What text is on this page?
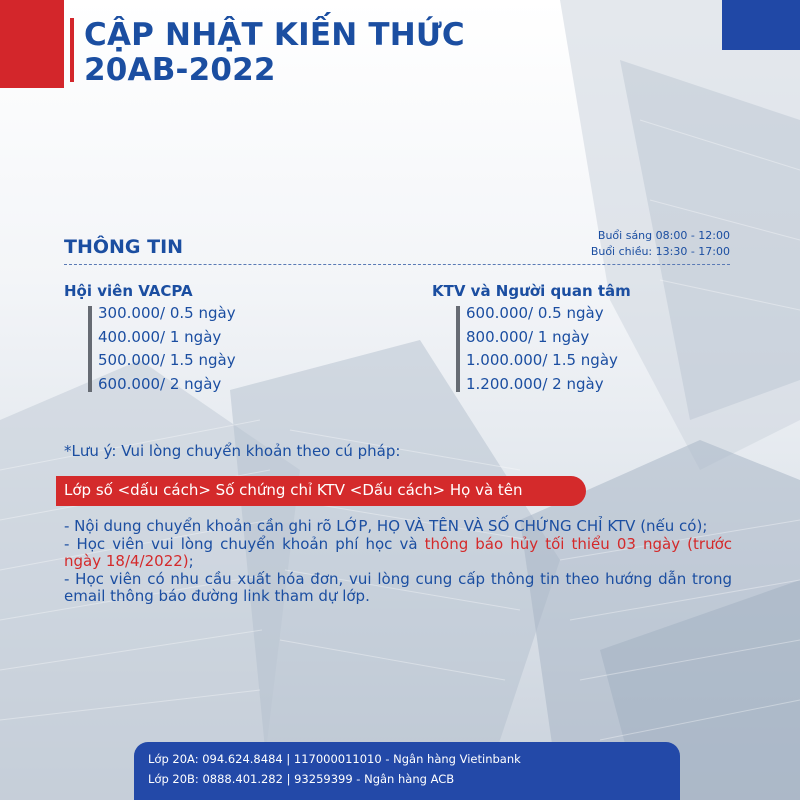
CẬP NHẬT KIẾN THỨC
20AB-2022
THÔNG TIN
Buổi sáng 08:00 - 12:00
Buổi chiều: 13:30 - 17:00
Hội viên VACPA
300.000/ 0.5 ngày
400.000/ 1 ngày
500.000/ 1.5 ngày
600.000/ 2 ngày
KTV và Người quan tâm
600.000/ 0.5 ngày
800.000/ 1 ngày
1.000.000/ 1.5 ngày
1.200.000/ 2 ngày
*Lưu ý: Vui lòng chuyển khoản theo cú pháp:
Lớp số <dấu cách> Số chứng chỉ KTV <Dấu cách> Họ và tên

- Nội dung chuyển khoản cần ghi rõ LỚP, HỌ VÀ TÊN VÀ SỐ CHỨNG CHỈ KTV (nếu có);

- Học viên vui lòng chuyển khoản phí học và thông báo hủy tối thiểu 03 ngày (trước ngày 18/4/2022);

- Học viên có nhu cầu xuất hóa đơn, vui lòng cung cấp thông tin theo hướng dẫn trong email thông báo đường link tham dự lớp.

Lớp 20A: 094.624.8484 | 117000011010 - Ngân hàng Vietinbank
Lớp 20B: 0888.401.282 | 93259399 - Ngân hàng ACB
